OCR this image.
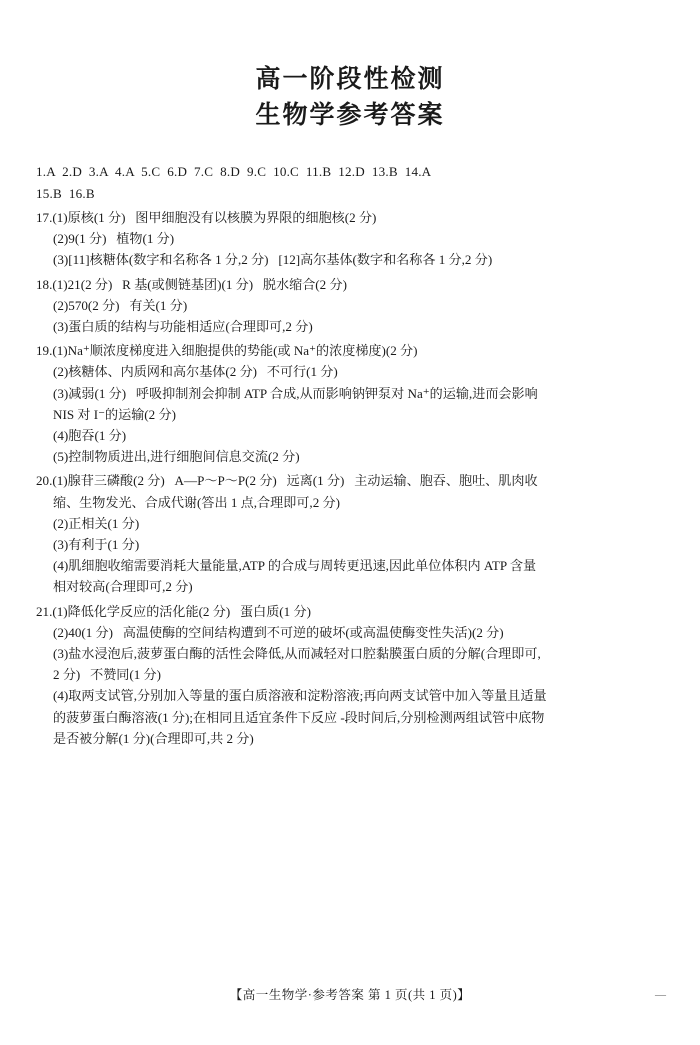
高一阶段性检测
生物学参考答案
1.A  2.D  3.A  4.A  5.C  6.D  7.C  8.D  9.C  10.C  11.B  12.D  13.B  14.A
15.B  16.B
17.(1)原核(1 分)   图甲细胞没有以核膜为界限的细胞核(2 分)
(2)9(1 分)   植物(1 分)
(3)[11]核糖体(数字和名称各 1 分,2 分)   [12]高尔基体(数字和名称各 1 分,2 分)
18.(1)21(2 分)   R 基(或侧链基团)(1 分)   脱水缩合(2 分)
(2)570(2 分)   有关(1 分)
(3)蛋白质的结构与功能相适应(合理即可,2 分)
19.(1)Na⁺顺浓度梯度进入细胞提供的势能(或 Na⁺的浓度梯度)(2 分)
(2)核糖体、内质网和高尔基体(2 分)   不可行(1 分)
(3)减弱(1 分)   呼吸抑制剂会抑制 ATP 合成,从而影响钠钾泵对 Na⁺的运输,进而会影响
NIS 对 I⁻的运输(2 分)
(4)胞吞(1 分)
(5)控制物质进出,进行细胞间信息交流(2 分)
20.(1)腺苷三磷酸(2 分)   A—P～P～P(2 分)   远离(1 分)   主动运输、胞吞、胞吐、肌肉收
缩、生物发光、合成代谢(答出 1 点,合理即可,2 分)
(2)正相关(1 分)
(3)有利于(1 分)
(4)肌细胞收缩需要消耗大量能量,ATP 的合成与周转更迅速,因此单位体积内 ATP 含量
相对较高(合理即可,2 分)
21.(1)降低化学反应的活化能(2 分)   蛋白质(1 分)
(2)40(1 分)   高温使酶的空间结构遭到不可逆的破坏(或高温使酶变性失活)(2 分)
(3)盐水浸泡后,菠萝蛋白酶的活性会降低,从而减轻对口腔黏膜蛋白质的分解(合理即可,
2 分)   不赞同(1 分)
(4)取两支试管,分别加入等量的蛋白质溶液和淀粉溶液;再向两支试管中加入等量且适量
的菠萝蛋白酶溶液(1 分);在相同且适宜条件下反应 -段时间后,分别检测两组试管中底物
是否被分解(1 分)(合理即可,共 2 分)
【高一生物学·参考答案 第 1 页(共 1 页)】	—
